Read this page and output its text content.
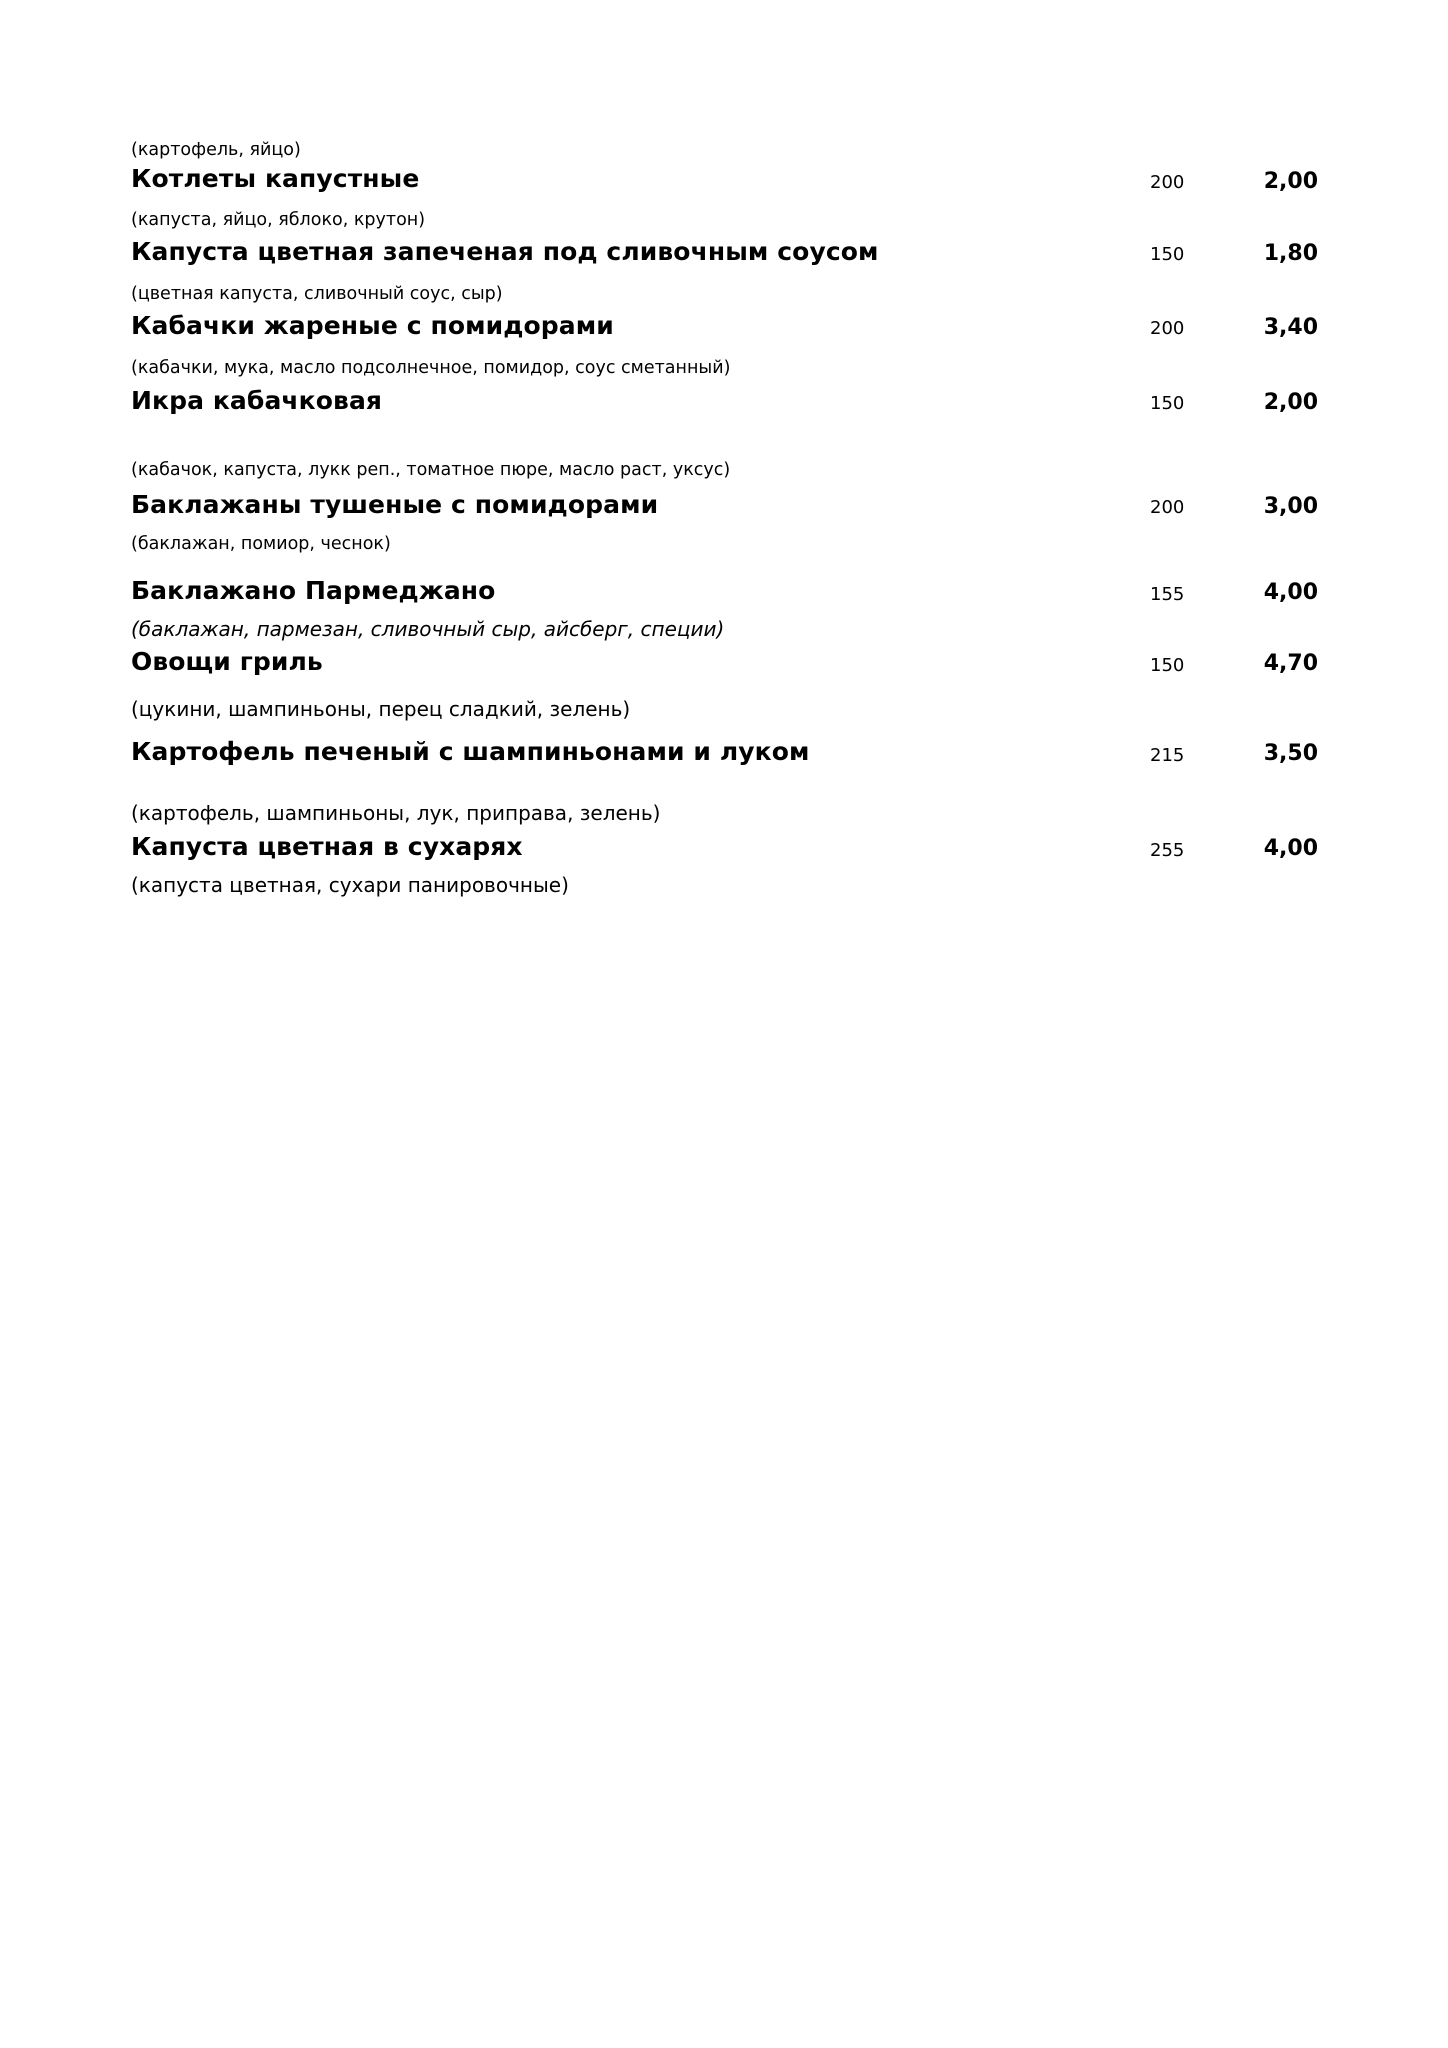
(картофель, яйцо)
Котлеты капустные	200	2,00
(капуста, яйцо, яблоко, крутон)
Капуста цветная запеченая под сливочным соусом	150	1,80
(цветная капуста, сливочный соус, сыр)
Кабачки жареные с помидорами	200	3,40
(кабачки, мука, масло подсолнечное, помидор, соус сметанный)
Икра кабачковая	150	2,00
(кабачок, капуста, лукк реп., томатное пюре, масло раст, уксус)
Баклажаны тушеные с помидорами	200	3,00
(баклажан, помиор, чеснок)
Баклажано Пармеджано	155	4,00
(баклажан, пармезан, сливочный сыр, айсберг, специи)
Овощи гриль	150	4,70
(цукини, шампиньоны, перец сладкий, зелень)
Картофель печеный с шампиньонами и луком	215	3,50
(картофель, шампиньоны, лук, приправа, зелень)
Капуста цветная в сухарях	255	4,00
(капуста цветная, сухари панировочные)
